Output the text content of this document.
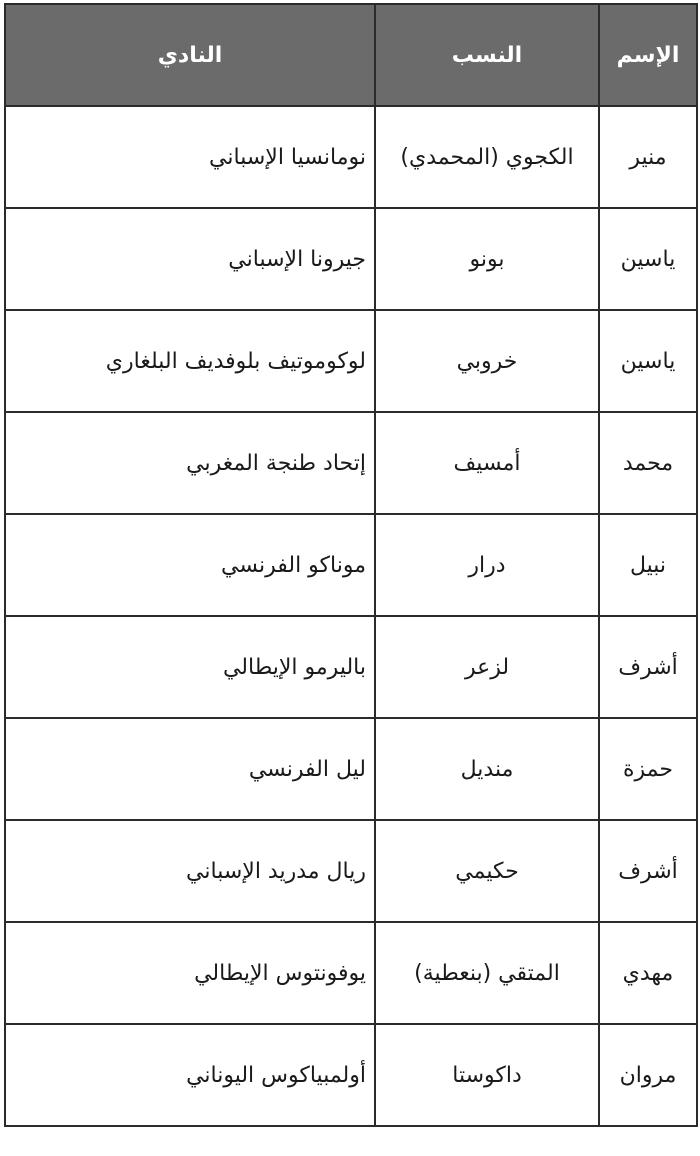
الإسم	النسب	النادي
منير	الكجوي (المحمدي)	نومانسيا الإسباني
ياسين	بونو	جيرونا الإسباني
ياسين	خروبي	لوكوموتيف بلوفديف البلغاري
محمد	أمسيف	إتحاد طنجة المغربي
نبيل	درار	موناكو الفرنسي
أشرف	لزعر	باليرمو الإيطالي
حمزة	منديل	ليل الفرنسي
أشرف	حكيمي	ريال مدريد الإسباني
مهدي	المتقي (بنعطية)	يوفونتوس الإيطالي
مروان	داكوستا	أولمبياكوس اليوناني
